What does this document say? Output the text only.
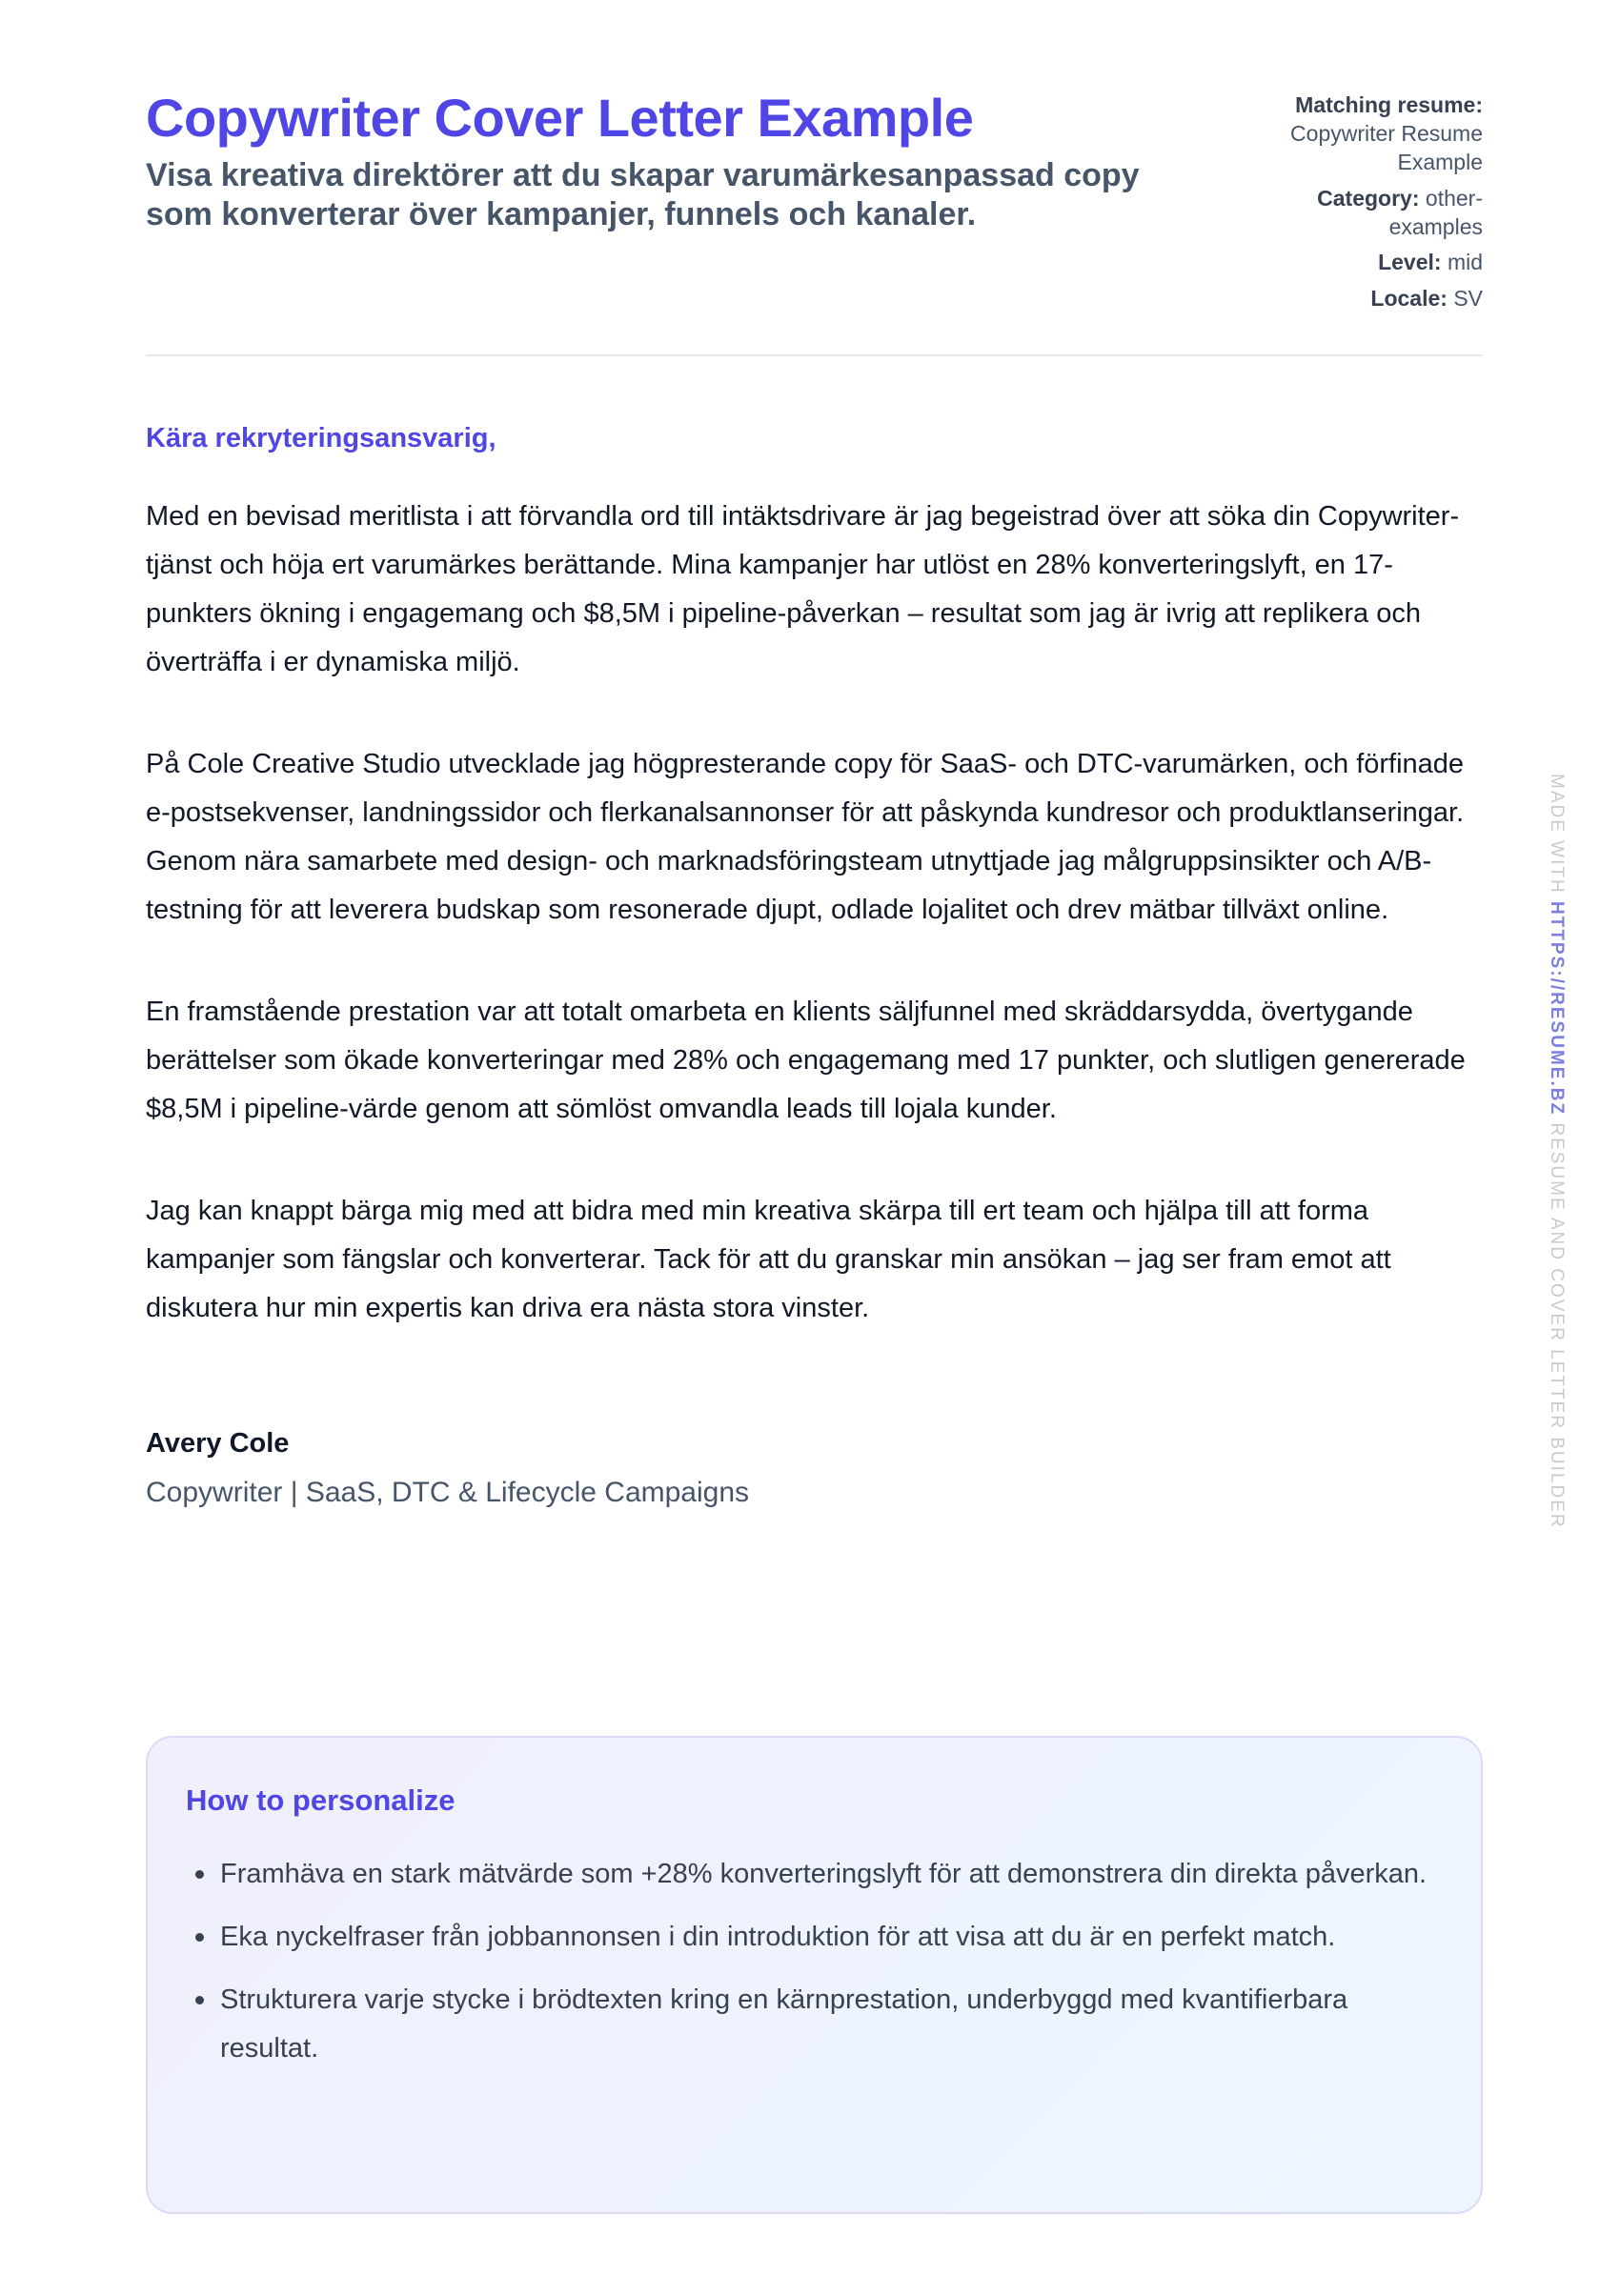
Copywriter Cover Letter Example

Visa kreativa direktörer att du skapar varumärkesanpassad copy som konverterar över kampanjer, funnels och kanaler.

Matching resume:
Copywriter Resume Example
Category: other-examples
Level: mid
Locale: SV

Kära rekryteringsansvarig,

Med en bevisad meritlista i att förvandla ord till intäktsdrivare är jag begeistrad över att söka din Copywriter-tjänst och höja ert varumärkes berättande. Mina kampanjer har utlöst en 28% konverteringslyft, en 17-punkters ökning i engagemang och $8,5M i pipeline-påverkan – resultat som jag är ivrig att replikera och överträffa i er dynamiska miljö.

På Cole Creative Studio utvecklade jag högpresterande copy för SaaS- och DTC-varumärken, och förfinade e-postsekvenser, landningssidor och flerkanalsannonser för att påskynda kundresor och produktlanseringar. Genom nära samarbete med design- och marknadsföringsteam utnyttjade jag målgruppsinsikter och A/B-testning för att leverera budskap som resonerade djupt, odlade lojalitet och drev mätbar tillväxt online.

En framstående prestation var att totalt omarbeta en klients säljfunnel med skräddarsydda, övertygande berättelser som ökade konverteringar med 28% och engagemang med 17 punkter, och slutligen genererade $8,5M i pipeline-värde genom att sömlöst omvandla leads till lojala kunder.

Jag kan knappt bärga mig med att bidra med min kreativa skärpa till ert team och hjälpa till att forma kampanjer som fängslar och konverterar. Tack för att du granskar min ansökan – jag ser fram emot att diskutera hur min expertis kan driva era nästa stora vinster.

Avery Cole

Copywriter | SaaS, DTC & Lifecycle Campaigns

How to personalize
Framhäva en stark mätvärde som +28% konverteringslyft för att demonstrera din direkta påverkan.
Eka nyckelfraser från jobbannonsen i din introduktion för att visa att du är en perfekt match.
Strukturera varje stycke i brödtexten kring en kärnprestation, underbyggd med kvantifierbara resultat.
MADE WITH HTTPS://RESUME.BZ RESUME AND COVER LETTER BUILDER
